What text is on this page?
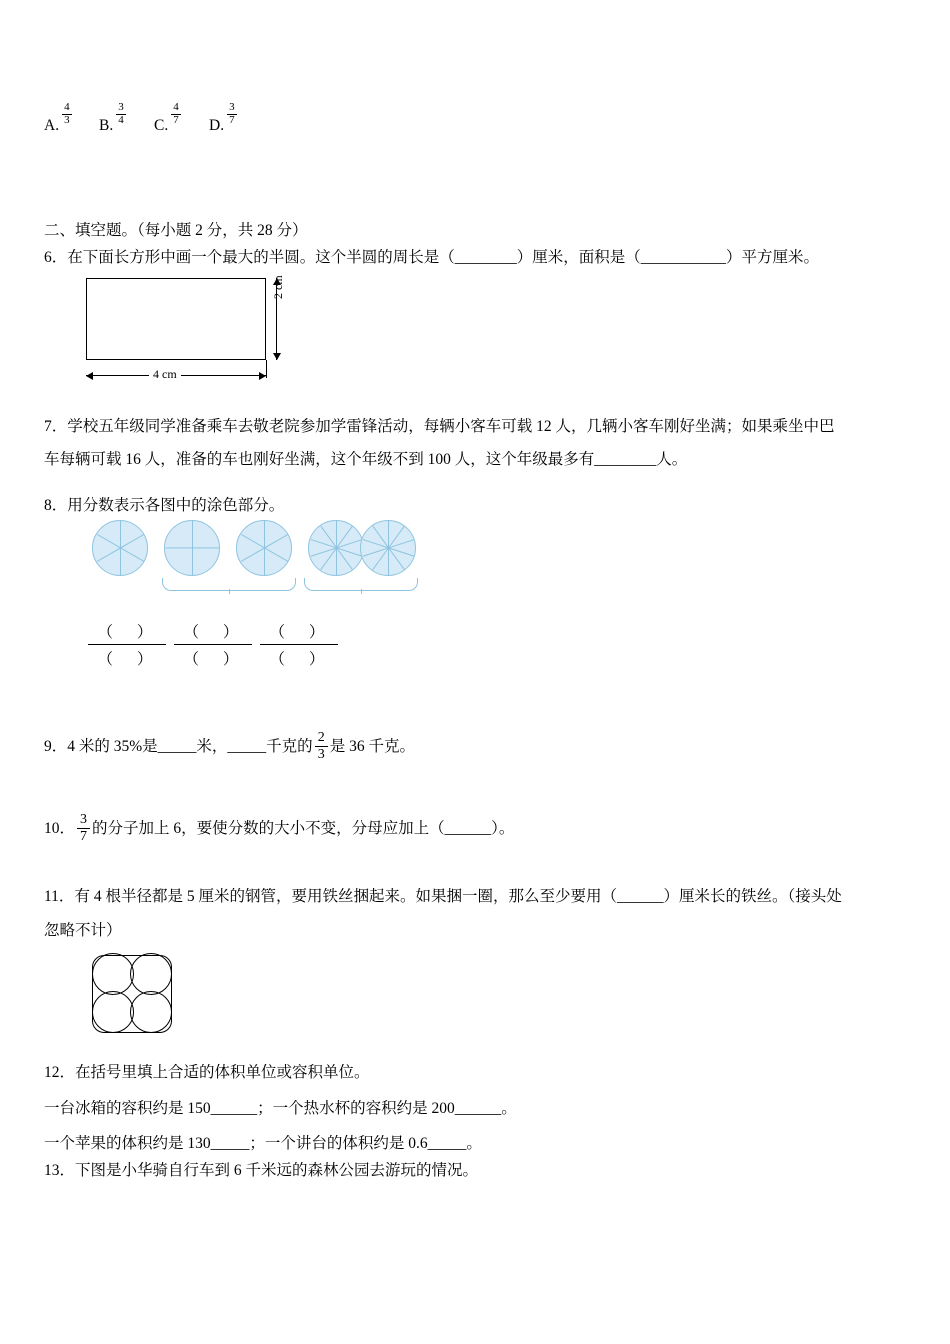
A. $\frac{4}{3} B$. $\frac{3}{4} C$. $\frac{4}{7} D$. $\frac{3}{7}$
二、填空题。（每小题 2 分，共 28 分）
6．在下面长方形中画一个最大的半圆。这个半圆的周长是（________）厘米，面积是（___________）平方厘米。
2 cm
4 cm
7．学校五年级同学准备乘车去敬老院参加学雷锋活动，每辆小客车可载 12 人，几辆小客车刚好坐满；如果乘坐中巴
车每辆可载 16 人，准备的车也刚好坐满，这个年级不到 100 人，这个年级最多有________人。
8．用分数表示各图中的涂色部分。
（ ）
（ ）
（ ）
（ ）
（ ）
（ ）
9．4 米的 35%是_____米，_____千克的 $\frac{2}{3}$ 是 36 千克。
10． $\frac{3}{7}$ 的分子加上 6，要使分数的大小不变，分母应加上（______）。
11．有 4 根半径都是 5 厘米的钢管，要用铁丝捆起来。如果捆一圈，那么至少要用（______）厘米长的铁丝。（接头处
忽略不计）
12．在括号里填上合适的体积单位或容积单位。
一台冰箱的容积约是 150______；一个热水杯的容积约是 200______。
一个苹果的体积约是 130_____；一个讲台的体积约是 0.6_____。
13．下图是小华骑自行车到 6 千米远的森林公园去游玩的情况。
